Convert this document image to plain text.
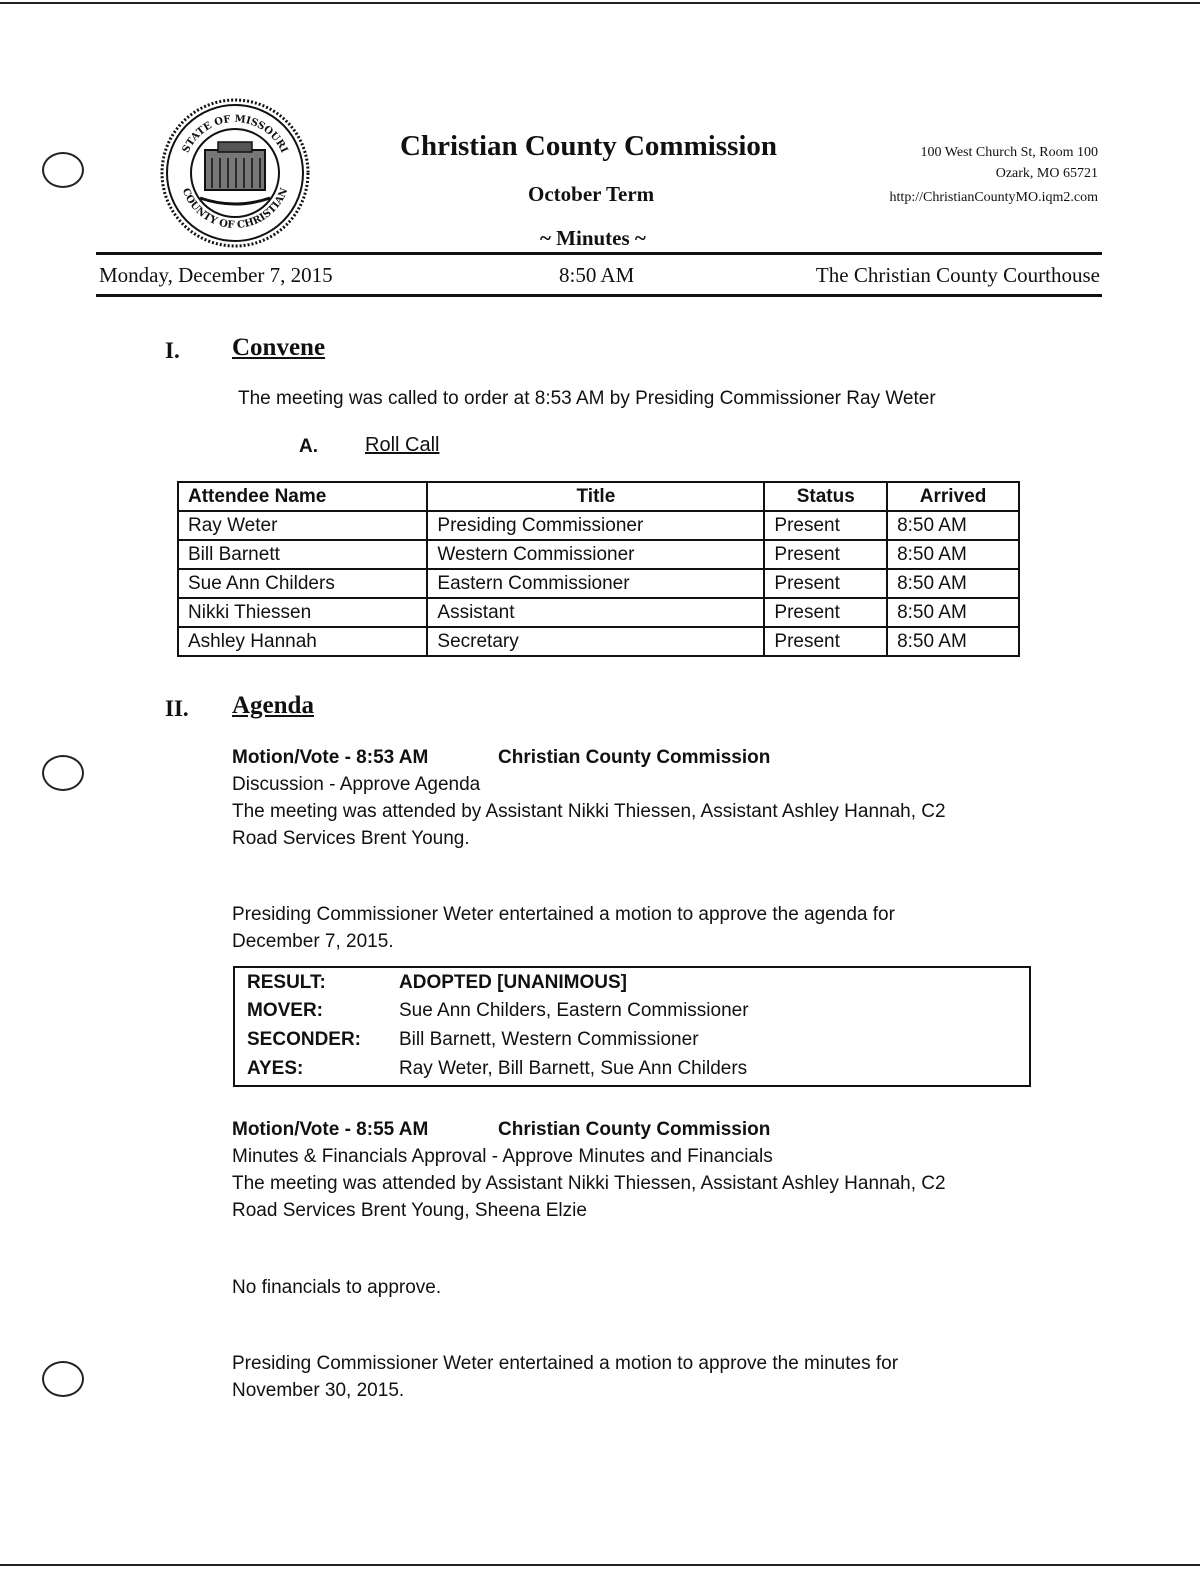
STATE OF MISSOURI
COUNTY OF CHRISTIAN
Christian County Commission
October Term
~ Minutes ~
100 West Church St, Room 100
Ozark, MO 65721
http://ChristianCountyMO.iqm2.com
Monday, December 7, 2015	8:50 AM	The Christian County Courthouse
I. Convene
The meeting was called to order at 8:53 AM by Presiding Commissioner Ray Weter
A. Roll Call
Attendee Name	Title	Status	Arrived
Ray Weter	Presiding Commissioner	Present	8:50 AM
Bill Barnett	Western Commissioner	Present	8:50 AM
Sue Ann Childers	Eastern Commissioner	Present	8:50 AM
Nikki Thiessen	Assistant	Present	8:50 AM
Ashley Hannah	Secretary	Present	8:50 AM
II. Agenda
Motion/Vote - 8:53 AM	Christian County Commission
Discussion - Approve Agenda
The meeting was attended by Assistant Nikki Thiessen, Assistant Ashley Hannah, C2
Road Services Brent Young.
Presiding Commissioner Weter entertained a motion to approve the agenda for
December 7, 2015.
RESULT:	ADOPTED [UNANIMOUS]
MOVER:	Sue Ann Childers, Eastern Commissioner
SECONDER: Bill Barnett, Western Commissioner
AYES:	Ray Weter, Bill Barnett, Sue Ann Childers
Motion/Vote - 8:55 AM	Christian County Commission
Minutes & Financials Approval - Approve Minutes and Financials
The meeting was attended by Assistant Nikki Thiessen, Assistant Ashley Hannah, C2
Road Services Brent Young, Sheena Elzie
No financials to approve.
Presiding Commissioner Weter entertained a motion to approve the minutes for
November 30, 2015.
